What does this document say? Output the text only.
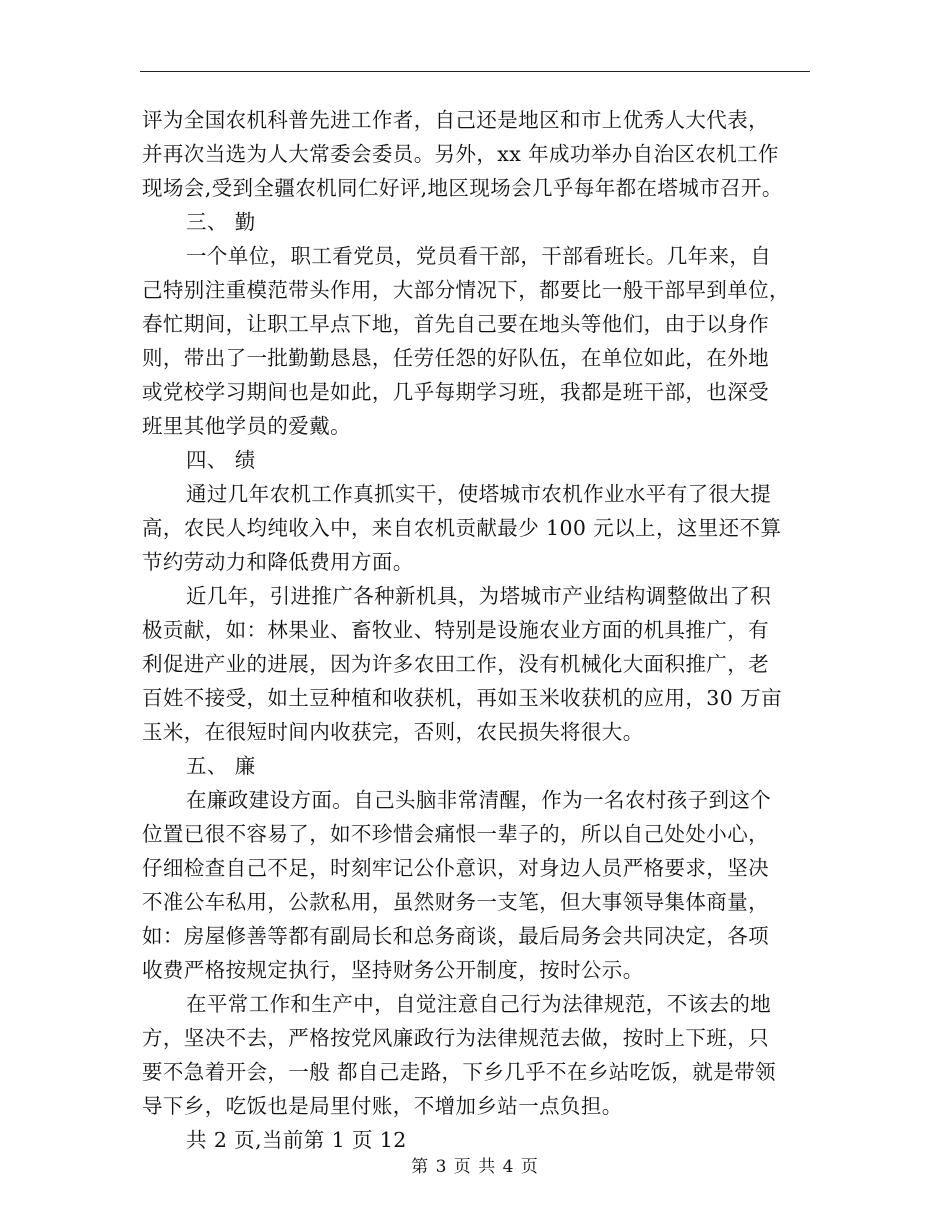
评为全国农机科普先进工作者，自己还是地区和市上优秀人大代表，
并再次当选为人大常委会委员。另外，xx 年成功举办自治区农机工作
现场会,受到全疆农机同仁好评,地区现场会几乎每年都在塔城市召开。
三、 勤
一个单位，职工看党员，党员看干部，干部看班长。几年来，自
己特别注重模范带头作用，大部分情况下，都要比一般干部早到单位，
春忙期间，让职工早点下地，首先自己要在地头等他们，由于以身作
则，带出了一批勤勤恳恳，任劳任怨的好队伍，在单位如此，在外地
或党校学习期间也是如此，几乎每期学习班，我都是班干部，也深受
班里其他学员的爱戴。
四、 绩
通过几年农机工作真抓实干，使塔城市农机作业水平有了很大提
高，农民人均纯收入中，来自农机贡献最少 100 元以上，这里还不算
节约劳动力和降低费用方面。
近几年，引进推广各种新机具，为塔城市产业结构调整做出了积
极贡献，如：林果业、畜牧业、特别是设施农业方面的机具推广，有
利促进产业的进展，因为许多农田工作，没有机械化大面积推广，老
百姓不接受，如土豆种植和收获机，再如玉米收获机的应用，30 万亩
玉米，在很短时间内收获完，否则，农民损失将很大。
五、 廉
在廉政建设方面。自己头脑非常清醒，作为一名农村孩子到这个
位置已很不容易了，如不珍惜会痛恨一辈子的，所以自己处处小心，
仔细检查自己不足，时刻牢记公仆意识，对身边人员严格要求，坚决
不准公车私用，公款私用，虽然财务一支笔，但大事领导集体商量，
如：房屋修善等都有副局长和总务商谈，最后局务会共同决定，各项
收费严格按规定执行，坚持财务公开制度，按时公示。
在平常工作和生产中，自觉注意自己行为法律规范，不该去的地
方，坚决不去，严格按党风廉政行为法律规范去做，按时上下班，只
要不急着开会，一般 都自己走路，下乡几乎不在乡站吃饭，就是带领
导下乡，吃饭也是局里付账，不增加乡站一点负担。
共 2 页,当前第 1 页 12
第 3 页 共 4 页
